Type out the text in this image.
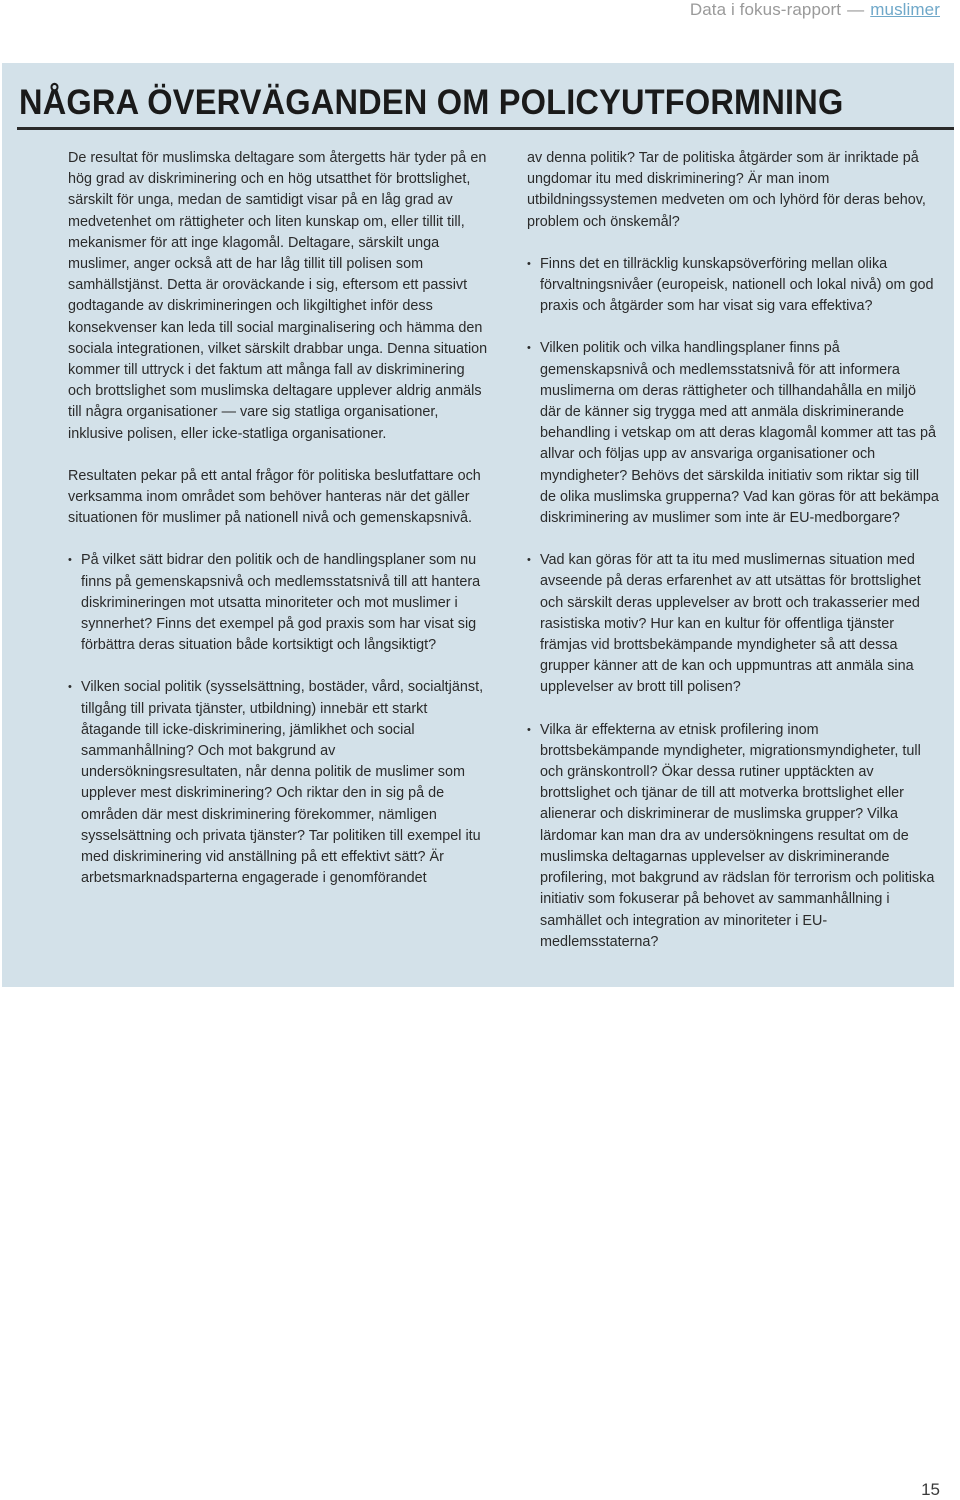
Data i fokus-rapport — muslimer
NÅGRA ÖVERVÄGANDEN OM POLICYUTFORMNING

De resultat för muslimska deltagare som återgetts här tyder på en hög grad av diskriminering och en hög utsatthet för brottslighet, särskilt för unga, medan de samtidigt visar på en låg grad av medvetenhet om rättigheter och liten kunskap om, eller tillit till, mekanismer för att inge klagomål. Deltagare, särskilt unga muslimer, anger också att de har låg tillit till polisen som samhällstjänst. Detta är oroväckande i sig, eftersom ett passivt godtagande av diskrimineringen och likgiltighet inför dess konsekvenser kan leda till social marginalisering och hämma den sociala integrationen, vilket särskilt drabbar unga. Denna situation kommer till uttryck i det faktum att många fall av diskriminering och brottslighet som muslimska deltagare upplever aldrig anmäls till några organisationer — vare sig statliga organisationer, inklusive polisen, eller icke-statliga organisationer.

Resultaten pekar på ett antal frågor för politiska beslutfattare och verksamma inom området som behöver hanteras när det gäller situationen för muslimer på nationell nivå och gemenskapsnivå.

• På vilket sätt bidrar den politik och de handlingsplaner som nu finns på gemenskapsnivå och medlemsstatsnivå till att hantera diskrimineringen mot utsatta minoriteter och mot muslimer i synnerhet? Finns det exempel på god praxis som har visat sig förbättra deras situation både kortsiktigt och långsiktigt?
• Vilken social politik (sysselsättning, bostäder, vård, socialtjänst, tillgång till privata tjänster, utbildning) innebär ett starkt åtagande till icke-diskriminering, jämlikhet och social sammanhållning? Och mot bakgrund av undersökningsresultaten, når denna politik de muslimer som upplever mest diskriminering? Och riktar den in sig på de områden där mest diskriminering förekommer, nämligen sysselsättning och privata tjänster? Tar politiken till exempel itu med diskriminering vid anställning på ett effektivt sätt? Är arbetsmarknadsparterna engagerade i genomförandet

av denna politik? Tar de politiska åtgärder som är inriktade på ungdomar itu med diskriminering? Är man inom utbildningssystemen medveten om och lyhörd för deras behov, problem och önskemål?

• Finns det en tillräcklig kunskapsöverföring mellan olika förvaltningsnivåer (europeisk, nationell och lokal nivå) om god praxis och åtgärder som har visat sig vara effektiva?
• Vilken politik och vilka handlingsplaner finns på gemenskapsnivå och medlemsstatsnivå för att informera muslimerna om deras rättigheter och tillhandahålla en miljö där de känner sig trygga med att anmäla diskriminerande behandling i vetskap om att deras klagomål kommer att tas på allvar och följas upp av ansvariga organisationer och myndigheter? Behövs det särskilda initiativ som riktar sig till de olika muslimska grupperna? Vad kan göras för att bekämpa diskriminering av muslimer som inte är EU-medborgare?
• Vad kan göras för att ta itu med muslimernas situation med avseende på deras erfarenhet av att utsättas för brottslighet och särskilt deras upplevelser av brott och trakasserier med rasistiska motiv? Hur kan en kultur för offentliga tjänster främjas vid brottsbekämpande myndigheter så att dessa grupper känner att de kan och uppmuntras att anmäla sina upplevelser av brott till polisen?
• Vilka är effekterna av etnisk profilering inom brottsbekämpande myndigheter, migrationsmyndigheter, tull och gränskontroll? Ökar dessa rutiner upptäckten av brottslighet och tjänar de till att motverka brottslighet eller alienerar och diskriminerar de muslimska grupper? Vilka lärdomar kan man dra av undersökningens resultat om de muslimska deltagarnas upplevelser av diskriminerande profilering, mot bakgrund av rädslan för terrorism och politiska initiativ som fokuserar på behovet av sammanhållning i samhället och integration av minoriteter i EU-medlemsstaterna?
15
